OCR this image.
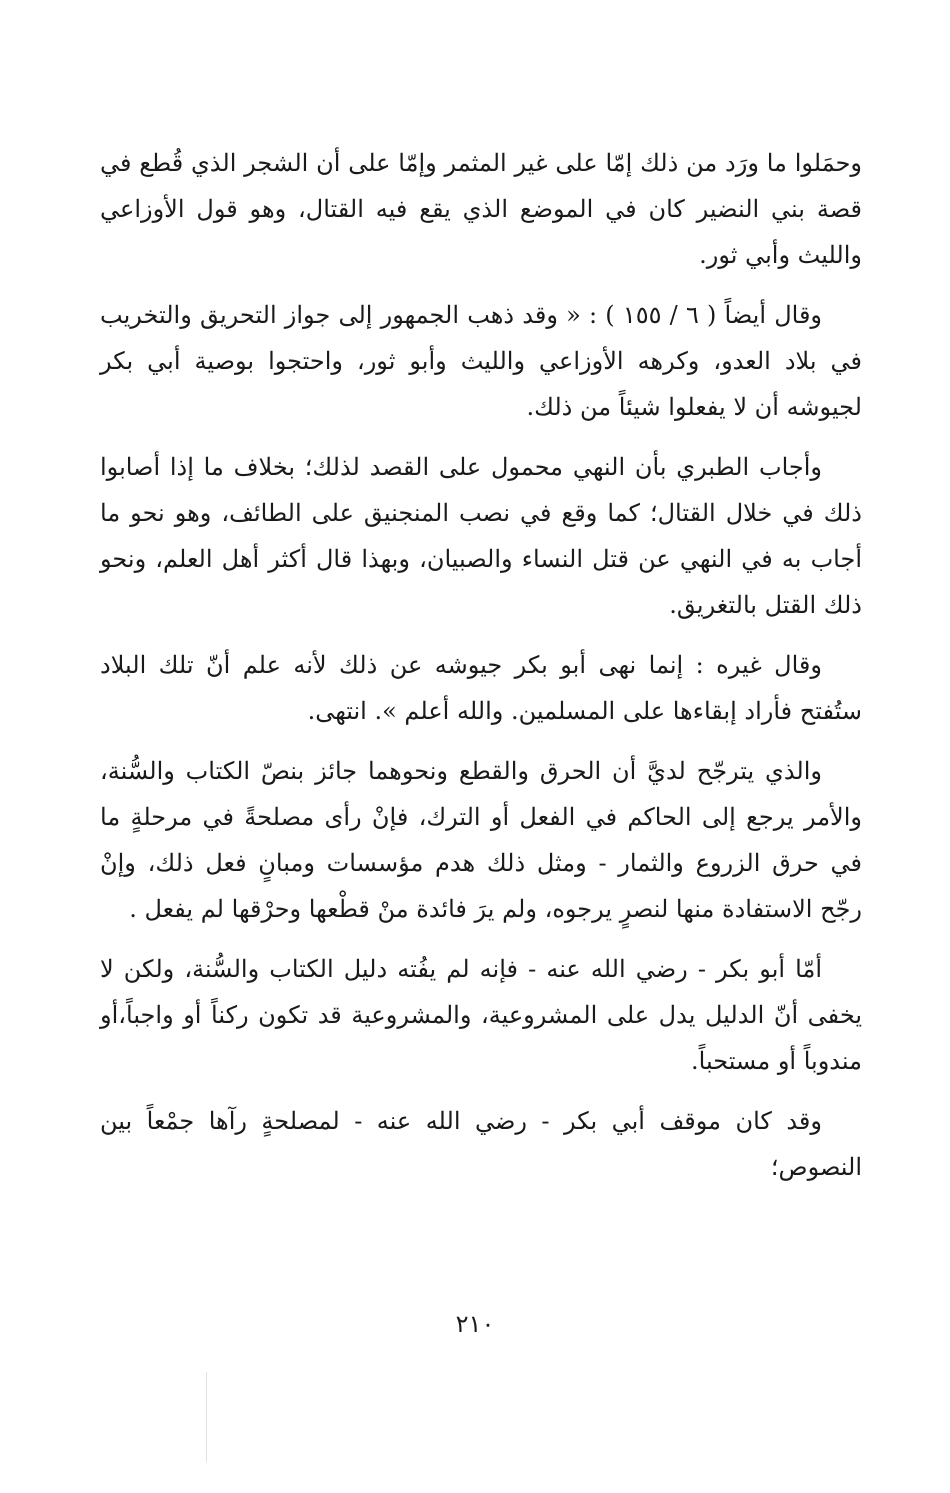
وحمَلوا ما ورَد من ذلك إمّا على غير المثمر وإمّا على أن الشجر الذي قُطع في قصة بني النضير كان في الموضع الذي يقع فيه القتال، وهو قول الأوزاعي والليث وأبي ثور.

وقال أيضاً ( ٦ / ١٥٥ ) : « وقد ذهب الجمهور إلى جواز التحريق والتخريب في بلاد العدو، وكرهه الأوزاعي والليث وأبو ثور، واحتجوا بوصية أبي بكر لجيوشه أن لا يفعلوا شيئاً من ذلك.

وأجاب الطبري بأن النهي محمول على القصد لذلك؛ بخلاف ما إذا أصابوا ذلك في خلال القتال؛ كما وقع في نصب المنجنيق على الطائف، وهو نحو ما أجاب به في النهي عن قتل النساء والصبيان، وبهذا قال أكثر أهل العلم، ونحو ذلك القتل بالتغريق.

وقال غيره : إنما نهى أبو بكر جيوشه عن ذلك لأنه علم أنّ تلك البلاد ستُفتح فأراد إبقاءها على المسلمين. والله أعلم ». انتهى.

والذي يترجّح لديَّ أن الحرق والقطع ونحوهما جائز بنصّ الكتاب والسُّنة، والأمر يرجع إلى الحاكم في الفعل أو الترك، فإنْ رأى مصلحةً في مرحلةٍ ما في حرق الزروع والثمار - ومثل ذلك هدم مؤسسات ومبانٍ فعل ذلك، وإنْ رجّح الاستفادة منها لنصرٍ يرجوه، ولم يرَ فائدة منْ قطْعها وحرْقها لم يفعل .

أمّا أبو بكر - رضي الله عنه - فإنه لم يفُته دليل الكتاب والسُّنة، ولكن لا يخفى أنّ الدليل يدل على المشروعية، والمشروعية قد تكون ركناً أو واجباً،أو مندوباً أو مستحباً.

وقد كان موقف أبي بكر - رضي الله عنه - لمصلحةٍ رآها جمْعاً بين النصوص؛

٢١٠
